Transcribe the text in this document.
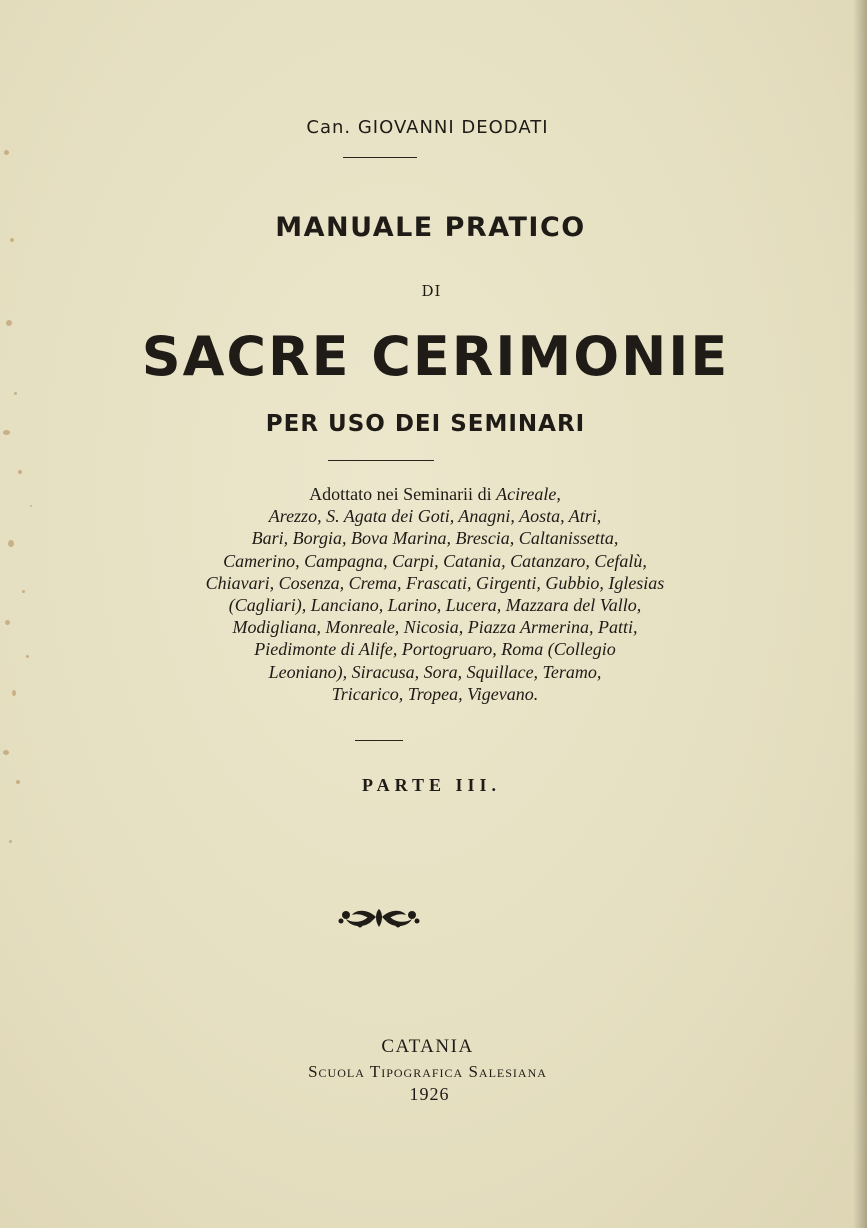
Can. GIOVANNI DEODATI
MANUALE PRATICO
DI
SACRE CERIMONIE
PER USO DEI SEMINARI
Adottato nei Seminarii di Acireale,
Arezzo, S. Agata dei Goti, Anagni, Aosta, Atri,
Bari, Borgia, Bova Marina, Brescia, Caltanissetta,
Camerino, Campagna, Carpi, Catania, Catanzaro, Cefalù,
Chiavari, Cosenza, Crema, Frascati, Girgenti, Gubbio, Iglesias
(Cagliari), Lanciano, Larino, Lucera, Mazzara del Vallo,
Modigliana, Monreale, Nicosia, Piazza Armerina, Patti,
Piedimonte di Alife, Portogruaro, Roma (Collegio
Leoniano), Siracusa, Sora, Squillace, Teramo,
Tricarico, Tropea, Vigevano.
PARTE III.
CATANIA
Scuola Tipografica Salesiana
1926
